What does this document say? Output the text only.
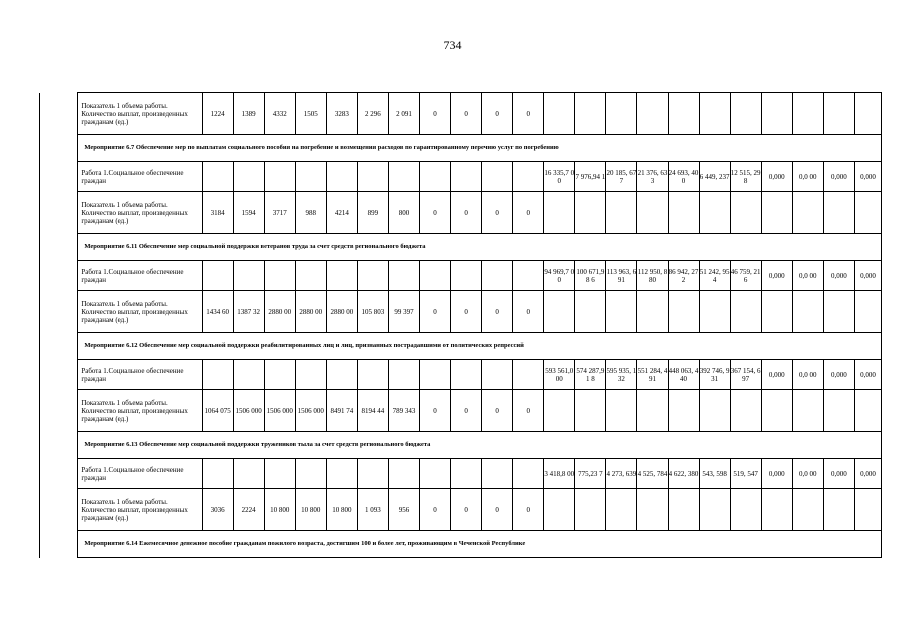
734
	Показатель 1 объема работы. Количество выплат, произведенных гражданам (ед.)	1224	1389	4332	1505	3283	2 296	2 091	0	0	0	0											
	Мероприятие 6.7 Обеспечение мер по выплатам социального пособия на погребение и возмещения расходов по гарантированному перечню услуг по погребению																						
	Работа 1.Социальное обеспечение граждан												16 335,7 00	7 976,94 1	20 185, 677	21 376, 633	24 693, 400	6 449, 237	12 515, 298	0,000	0,0 00	0,000	0,000
	Показатель 1 объема работы. Количество выплат, произведенных гражданам (ед.)	3184	1594	3717	988	4214	899	800	0	0	0	0											
	Мероприятие 6.11 Обеспечение мер социальной поддержки ветеранов труда за счет средств регионального бюджета																						
	Работа 1.Социальное обеспечение граждан												94 969,7 00	100 671,98 6	113 963, 691	112 950, 880	86 942, 272	51 242, 954	46 759, 216	0,000	0,0 00	0,000	0,000
	Показатель 1 объема работы. Количество выплат, произведенных гражданам (ед.)	1434 60	1387 32	2880 00	2880 00	2880 00	105 803	99 397	0	0	0	0											
	Мероприятие 6.12 Обеспечение мер социальной поддержки реабилитированных лиц и лиц, признанных пострадавшими от политических репрессий																						
	Работа 1.Социальное обеспечение граждан												593 561,0 00	574 287,91 8	595 935, 132	551 284, 491	448 063, 440	392 746, 931	367 154, 697	0,000	0,0 00	0,000	0,000
	Показатель 1 объема работы. Количество выплат, произведенных гражданам (ед.)	1064 075	1506 000	1506 000	1506 000	8491 74	8194 44	789 343	0	0	0	0											
	Мероприятие 6.13 Обеспечение мер социальной поддержки тружеников тыла за счет средств регионального бюджета																						
	Работа 1.Социальное обеспечение граждан												3 418,8 00	775,23 7	4 273, 639	4 525, 784	4 622, 380	543, 598	519, 547	0,000	0,0 00	0,000	0,000
	Показатель 1 объема работы. Количество выплат, произведенных гражданам (ед.)	3036	2224	10 800	10 800	10 800	1 093	956	0	0	0	0											
	Мероприятие 6.14 Ежемесячное денежное пособие гражданам пожилого возраста, достигшим 100 и более лет, проживающим в Чеченской Республике																						
